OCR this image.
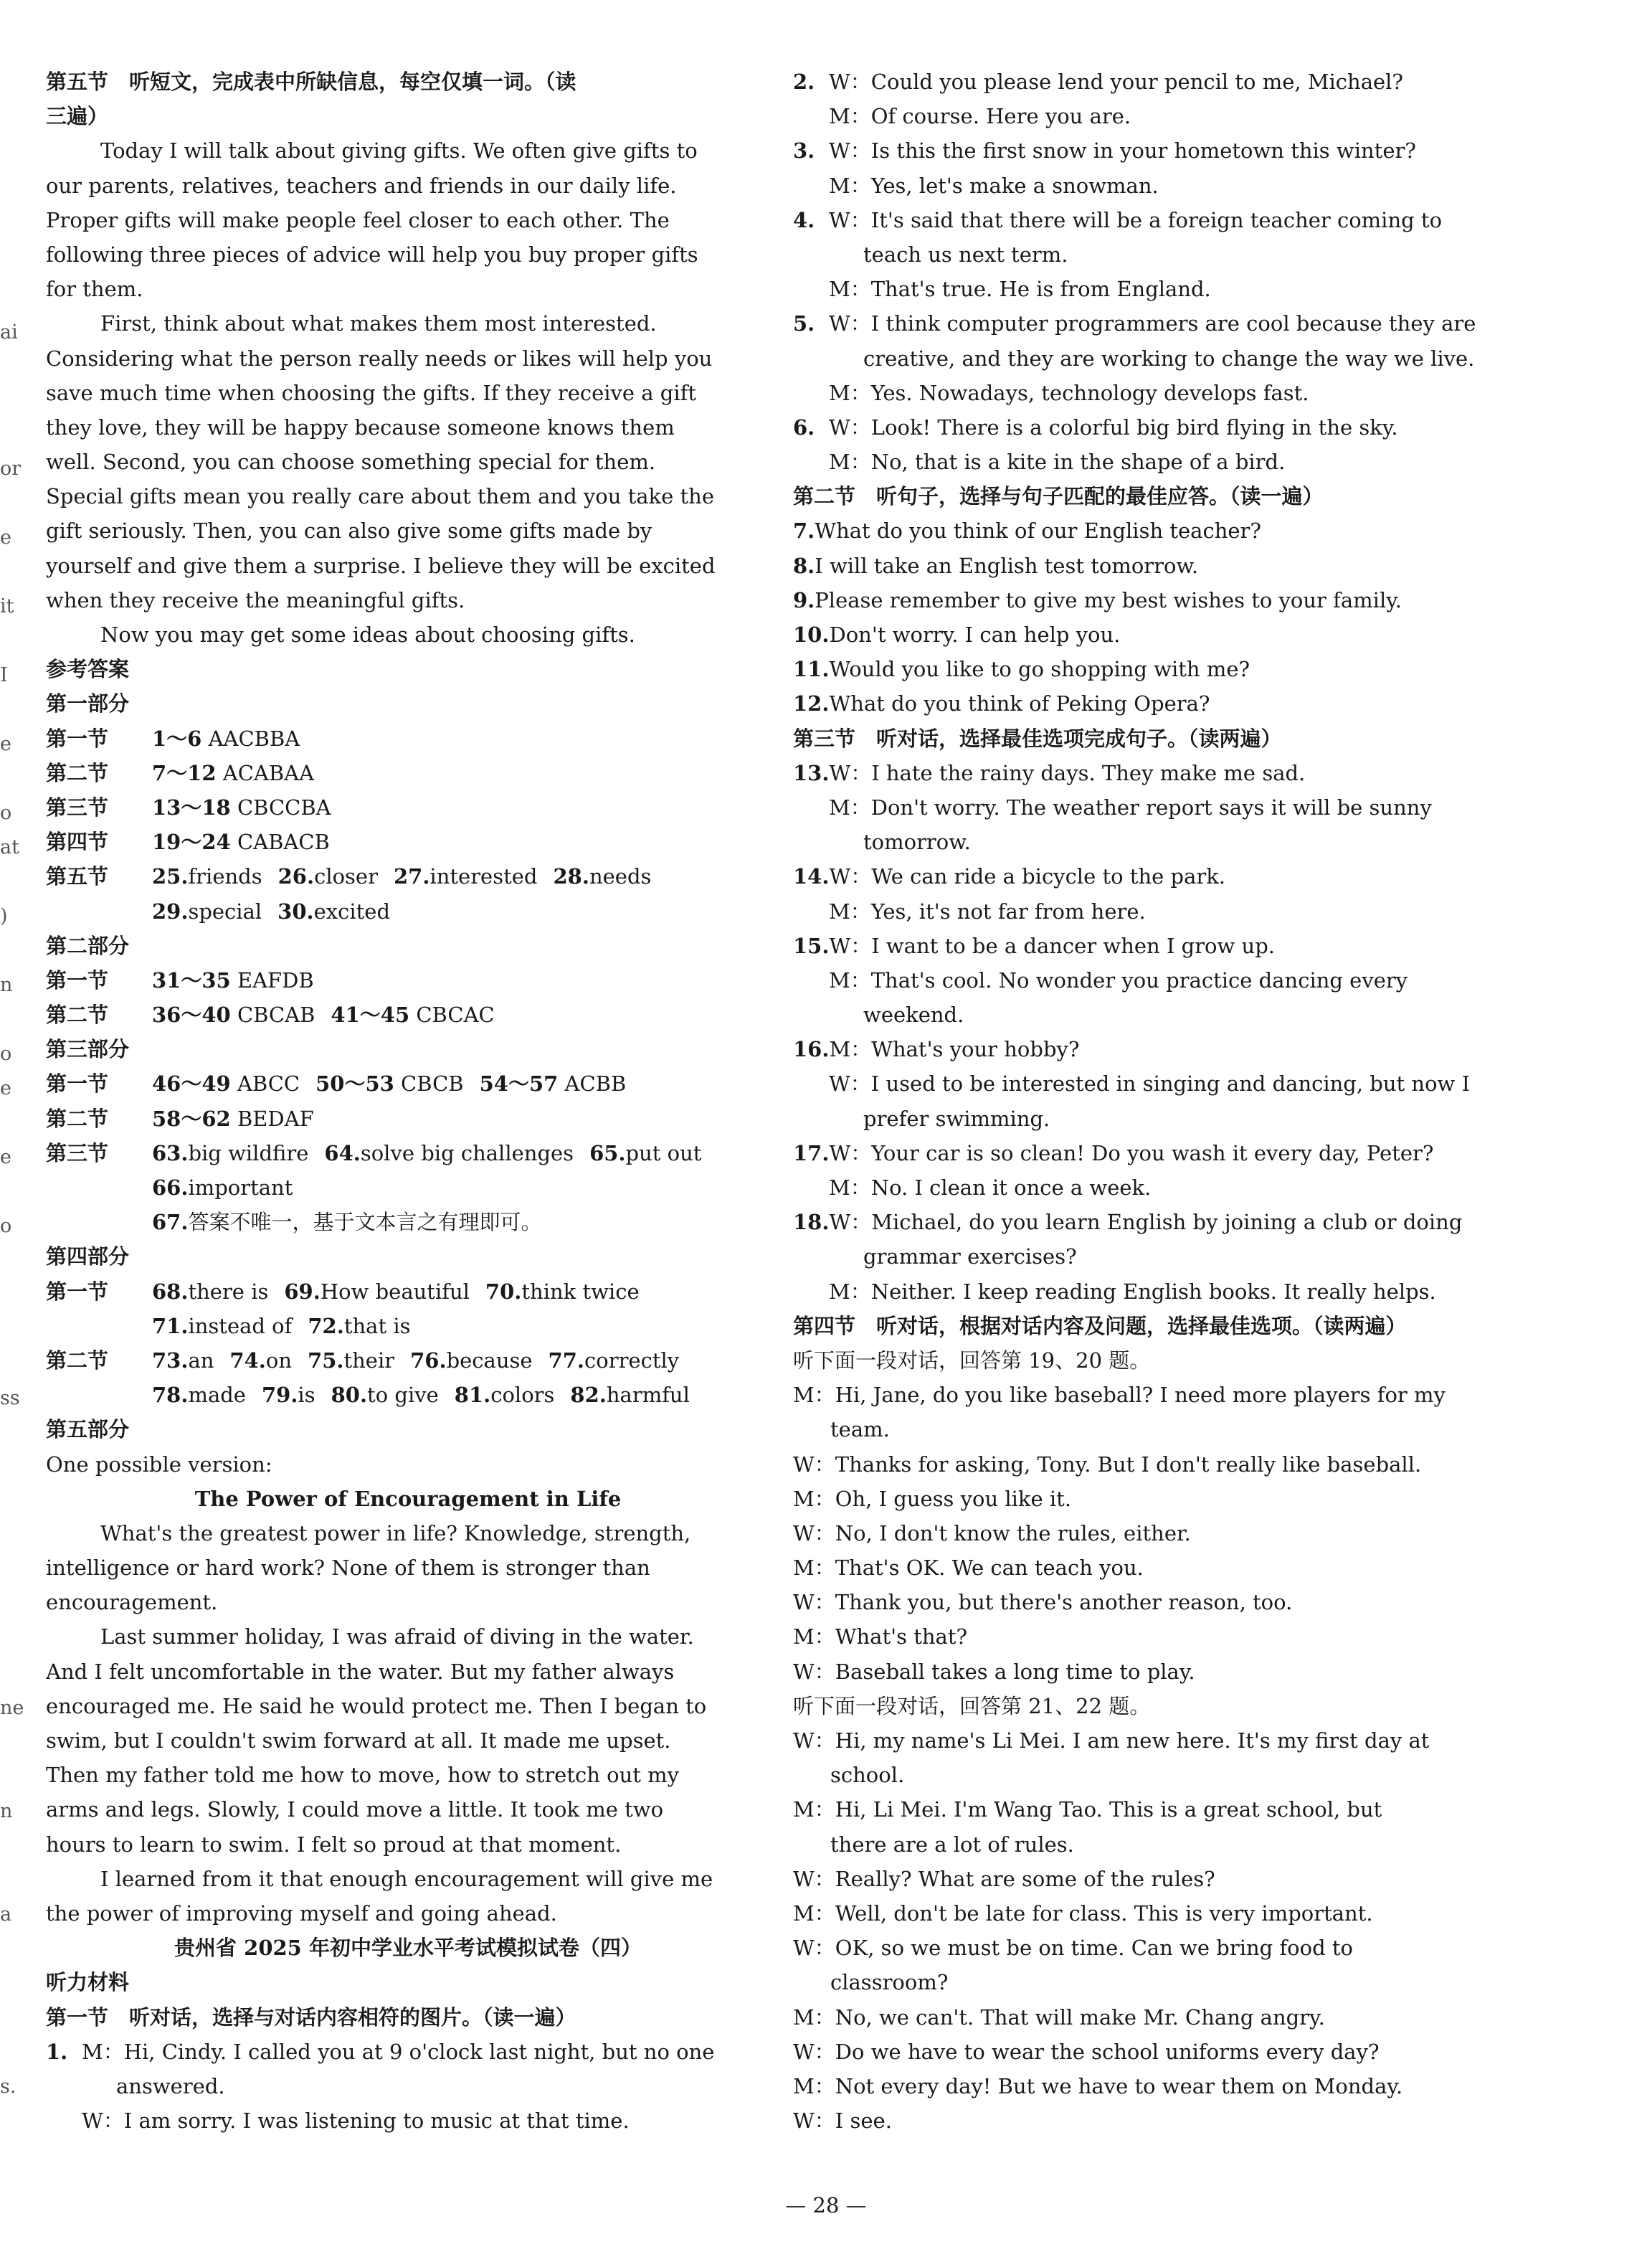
第五节　听短文，完成表中所缺信息，每空仅填一词。（读
三遍）
Today I will talk about giving gifts. We often give gifts to
our parents, relatives, teachers and friends in our daily life.
Proper gifts will make people feel closer to each other. The
following three pieces of advice will help you buy proper gifts
for them.
First, think about what makes them most interested.
Considering what the person really needs or likes will help you
save much time when choosing the gifts. If they receive a gift
they love, they will be happy because someone knows them
well. Second, you can choose something special for them.
Special gifts mean you really care about them and you take the
gift seriously. Then, you can also give some gifts made by
yourself and give them a surprise. I believe they will be excited
when they receive the meaningful gifts.
Now you may get some ideas about choosing gifts.
参考答案
第一部分
第一节 1～6 AACBBA
第二节 7～12 ACABAA
第三节 13～18 CBCCBA
第四节 19～24 CABACB
第五节 25.friends 26.closer 27.interested 28.needs
29.special 30.excited
第二部分
第一节 31～35 EAFDB
第二节 36～40 CBCAB 41～45 CBCAC
第三部分
第一节 46～49 ABCC 50～53 CBCB 54～57 ACBB
第二节 58～62 BEDAF
第三节 63.big wildfire 64.solve big challenges 65.put out
66.important
67.答案不唯一，基于文本言之有理即可。
第四部分
第一节 68.there is 69.How beautiful 70.think twice
71.instead of 72.that is
第二节 73.an 74.on 75.their 76.because 77.correctly
78.made 79.is 80.to give 81.colors 82.harmful
第五部分
One possible version:
The Power of Encouragement in Life
What's the greatest power in life? Knowledge, strength,
intelligence or hard work? None of them is stronger than
encouragement.
Last summer holiday, I was afraid of diving in the water.
And I felt uncomfortable in the water. But my father always
encouraged me. He said he would protect me. Then I began to
swim, but I couldn't swim forward at all. It made me upset.
Then my father told me how to move, how to stretch out my
arms and legs. Slowly, I could move a little. It took me two
hours to learn to swim. I felt so proud at that moment.
I learned from it that enough encouragement will give me
the power of improving myself and going ahead.
贵州省 2025 年初中学业水平考试模拟试卷（四）
听力材料
第一节　听对话，选择与对话内容相符的图片。（读一遍）
1. M：Hi, Cindy. I called you at 9 o'clock last night, but no one
answered.
W：I am sorry. I was listening to music at that time.
2. W：Could you please lend your pencil to me, Michael?
M：Of course. Here you are.
3. W：Is this the first snow in your hometown this winter?
M：Yes, let's make a snowman.
4. W：It's said that there will be a foreign teacher coming to
teach us next term.
M：That's true. He is from England.
5. W：I think computer programmers are cool because they are
creative, and they are working to change the way we live.
M：Yes. Nowadays, technology develops fast.
6. W：Look! There is a colorful big bird flying in the sky.
M：No, that is a kite in the shape of a bird.
第二节　听句子，选择与句子匹配的最佳应答。（读一遍）
7.What do you think of our English teacher?
8.I will take an English test tomorrow.
9.Please remember to give my best wishes to your family.
10.Don't worry. I can help you.
11.Would you like to go shopping with me?
12.What do you think of Peking Opera?
第三节　听对话，选择最佳选项完成句子。（读两遍）
13.W：I hate the rainy days. They make me sad.
M：Don't worry. The weather report says it will be sunny
tomorrow.
14.W：We can ride a bicycle to the park.
M：Yes, it's not far from here.
15.W：I want to be a dancer when I grow up.
M：That's cool. No wonder you practice dancing every
weekend.
16.M：What's your hobby?
W：I used to be interested in singing and dancing, but now I
prefer swimming.
17.W：Your car is so clean! Do you wash it every day, Peter?
M：No. I clean it once a week.
18.W：Michael, do you learn English by joining a club or doing
grammar exercises?
M：Neither. I keep reading English books. It really helps.
第四节　听对话，根据对话内容及问题，选择最佳选项。（读两遍）
听下面一段对话，回答第 19、20 题。
M：Hi, Jane, do you like baseball? I need more players for my
team.
W：Thanks for asking, Tony. But I don't really like baseball.
M：Oh, I guess you like it.
W：No, I don't know the rules, either.
M：That's OK. We can teach you.
W：Thank you, but there's another reason, too.
M：What's that?
W：Baseball takes a long time to play.
听下面一段对话，回答第 21、22 题。
W：Hi, my name's Li Mei. I am new here. It's my first day at
school.
M：Hi, Li Mei. I'm Wang Tao. This is a great school, but
there are a lot of rules.
W：Really? What are some of the rules?
M：Well, don't be late for class. This is very important.
W：OK, so we must be on time. Can we bring food to
classroom?
M：No, we can't. That will make Mr. Chang angry.
W：Do we have to wear the school uniforms every day?
M：Not every day! But we have to wear them on Monday.
W：I see.
— 28 —
ai
or
e
it
I
e
o
at
)
n
o
e
e
o
ss
ne
n
a
s.
